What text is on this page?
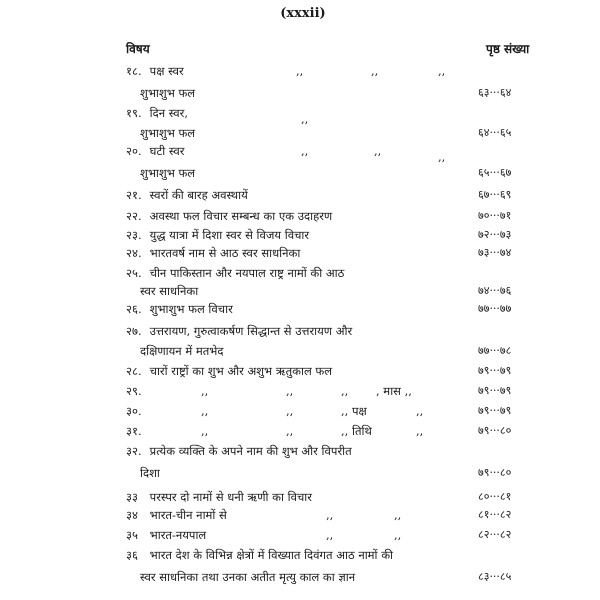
(xxxii)
विषय	पृष्ठ संख्या
१८. पक्ष स्वर	,,	,,	,,
शुभाशुभ फल	६३···६४
१९. दिन स्वर,	,,
शुभाशुभ फल	६४···६५
२०. घटी स्वर	,,	,,	,,
शुभाशुभ फल	६५···६७
२१. स्वरों की बारह अवस्थायें	६७···६९
२२. अवस्था फल विचार सम्बन्ध का एक उदाहरण	७०···७१
२३. युद्ध यात्रा में दिशा स्वर से विजय विचार	७२···७३
२४. भारतवर्ष नाम से आठ स्वर साधनिका	७३···७४
२५. चीन पाकिस्तान और नयपाल राष्ट्र नामों की आठ
स्वर साधनिका	७४···७६
२६. शुभाशुभ फल विचार	७७···७७
२७. उत्तरायण, गुरुत्वाकर्षण सिद्धान्त से उत्तरायण और
दक्षिणायन में मतभेद	७७···७८
२८. चारों राष्ट्रों का शुभ और अशुभ ऋतुकाल फल	७९···७९
२९.	,,	,,	,, , मास ,,	७९···७९
३०.	,,	,,	,, पक्ष	,,	७९···७९
३१.	,,	,,	,, तिथि	,,	७९···८०
३२. प्रत्येक व्यक्ति के अपने नाम की शुभ और विपरीत
दिशा	७९···८०
३३ परस्पर दो नामों से धनी ऋणी का विचार	८०···८१
३४ भारत-चीन नामों से	,,	,,	८१···८२
३५ भारत-नयपाल	,,	,,	८२···८२
३६ भारत देश के विभिन्न क्षेत्रों में विख्यात दिवंगत आठ नामों की
स्वर साधनिका तथा उनका अतीत मृत्यु काल का ज्ञान	८३···८५
